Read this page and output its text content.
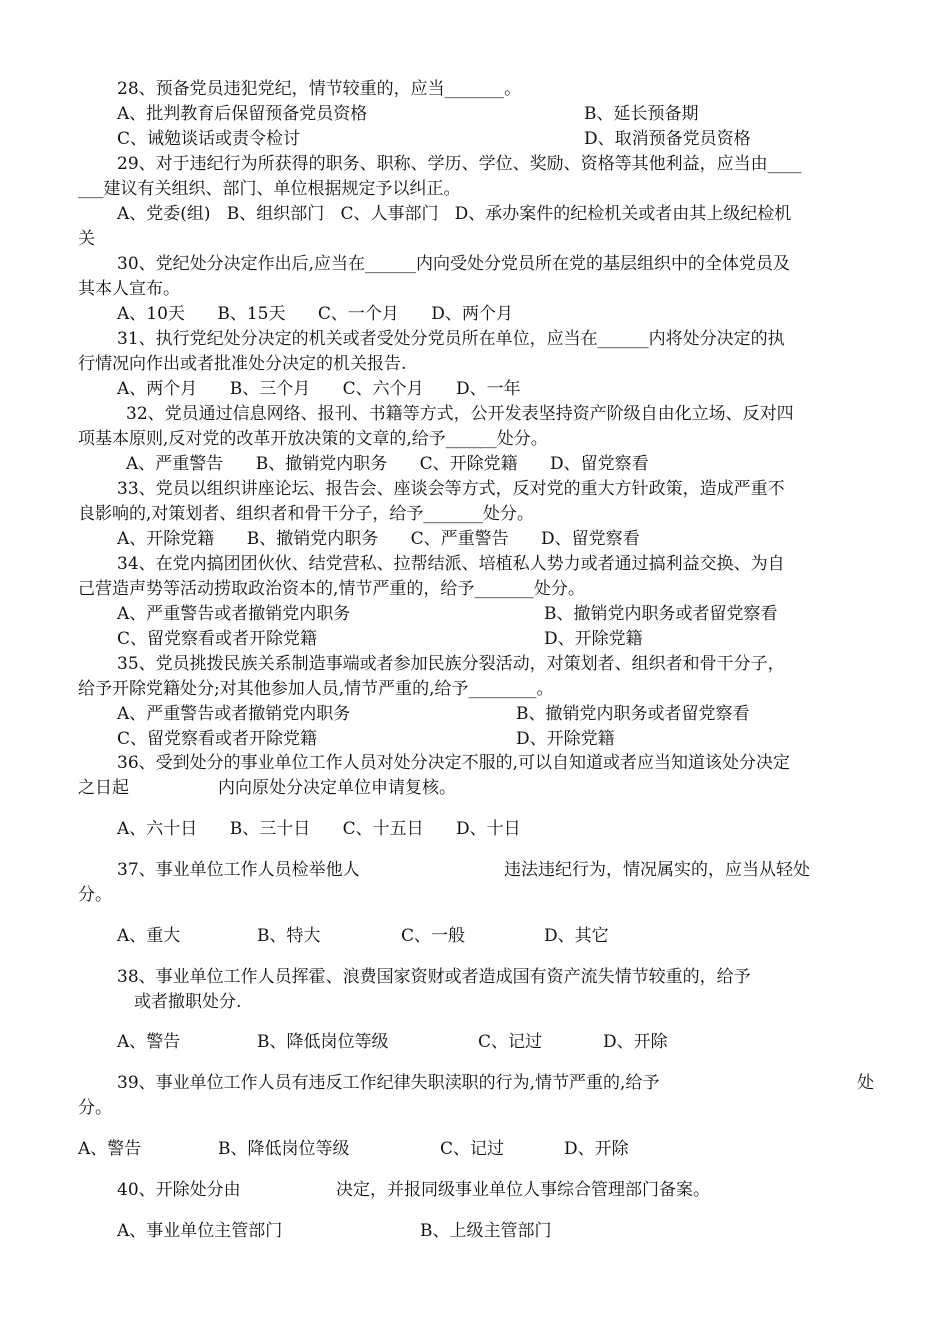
28、预备党员违犯党纪，情节较重的，应当_______。
A、批判教育后保留预备党员资格	B、延长预备期
C、诫勉谈话或责令检讨	D、取消预备党员资格
29、对于违纪行为所获得的职务、职称、学历、学位、奖励、资格等其他利益，应当由____
___建议有关组织、部门、单位根据规定予以纠正。
A、党委(组)   B、组织部门   C、人事部门   D、承办案件的纪检机关或者由其上级纪检机
关
30、党纪处分决定作出后,应当在______内向受处分党员所在党的基层组织中的全体党员及
其本人宣布。
A、10天      B、15天      C、一个月      D、两个月
31、执行党纪处分决定的机关或者受处分党员所在单位，应当在______内将处分决定的执
行情况向作出或者批准处分决定的机关报告.
A、两个月      B、三个月      C、六个月      D、一年
32、党员通过信息网络、报刊、书籍等方式，公开发表坚持资产阶级自由化立场、反对四
项基本原则,反对党的改革开放决策的文章的,给予______处分。
A、严重警告      B、撤销党内职务      C、开除党籍      D、留党察看
33、党员以组织讲座论坛、报告会、座谈会等方式，反对党的重大方针政策，造成严重不
良影响的,对策划者、组织者和骨干分子，给予_______处分。
A、开除党籍      B、撤销党内职务      C、严重警告      D、留党察看
34、在党内搞团团伙伙、结党营私、拉帮结派、培植私人势力或者通过搞利益交换、为自
己营造声势等活动捞取政治资本的,情节严重的，给予_______处分。
A、严重警告或者撤销党内职务	B、撤销党内职务或者留党察看
C、留党察看或者开除党籍	D、开除党籍
35、党员挑拨民族关系制造事端或者参加民族分裂活动，对策划者、组织者和骨干分子，
给予开除党籍处分;对其他参加人员,情节严重的,给予________。
A、严重警告或者撤销党内职务	B、撤销党内职务或者留党察看
C、留党察看或者开除党籍	D、开除党籍
36、受到处分的事业单位工作人员对处分决定不服的,可以自知道或者应当知道该处分决定
之日起	内向原处分决定单位申请复核。
A、六十日      B、三十日      C、十五日      D、十日
37、事业单位工作人员检举他人	违法违纪行为，情况属实的，应当从轻处
分。
A、重大	B、特大	C、一般	D、其它
38、事业单位工作人员挥霍、浪费国家资财或者造成国有资产流失情节较重的，给予
或者撤职处分.
A、警告	B、降低岗位等级	C、记过	D、开除
39、事业单位工作人员有违反工作纪律失职渎职的行为,情节严重的,给予	处
分。
A、警告	B、降低岗位等级	C、记过	D、开除
40、开除处分由	决定，并报同级事业单位人事综合管理部门备案。
A、事业单位主管部门	B、上级主管部门
